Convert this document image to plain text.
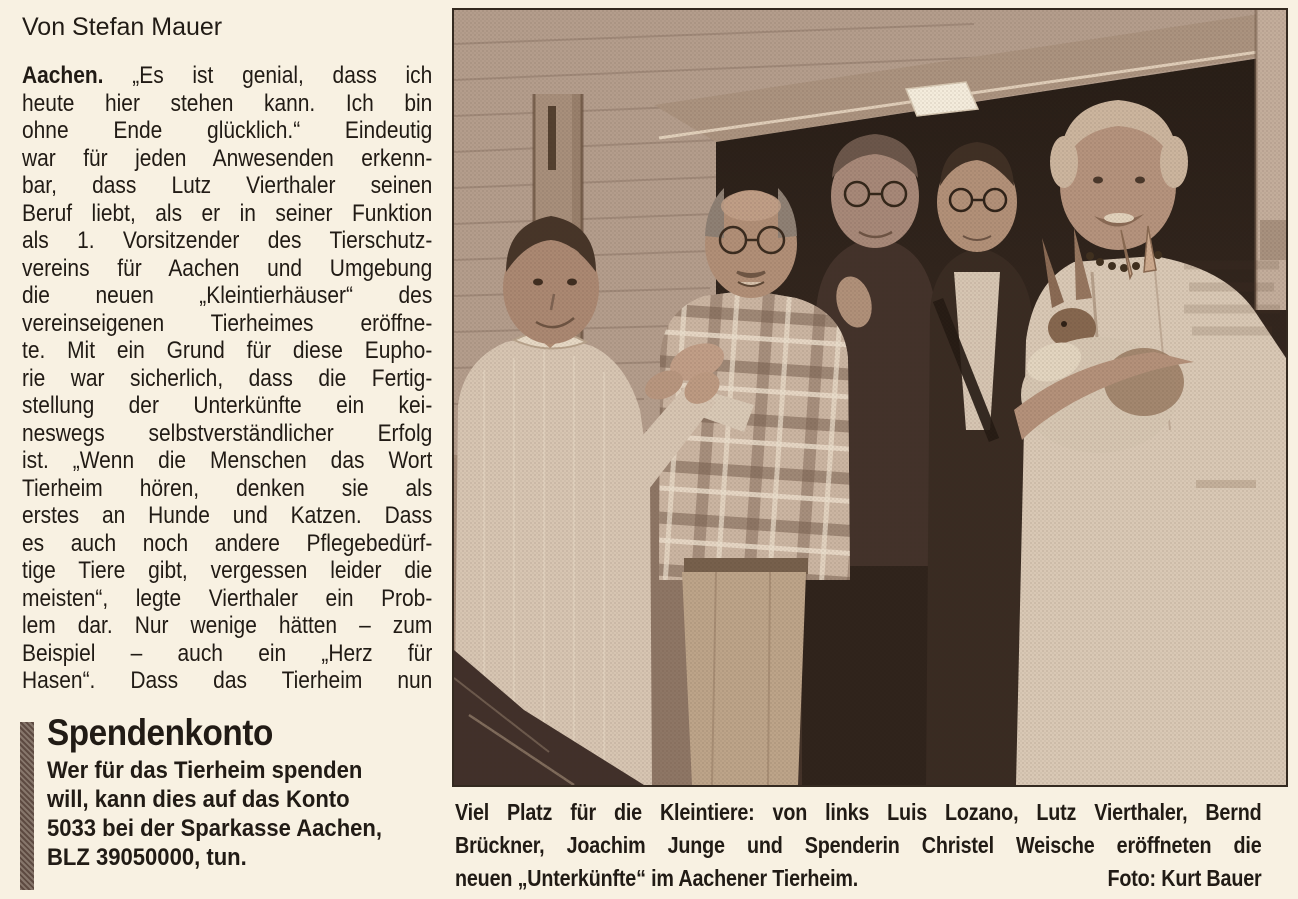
Von Stefan Mauer
Aachen. „Es ist genial, dass ich
heute hier stehen kann. Ich bin
ohne Ende glücklich.“ Eindeutig
war für jeden Anwesenden erkenn-
bar, dass Lutz Vierthaler seinen
Beruf liebt, als er in seiner Funktion
als 1. Vorsitzender des Tierschutz-
vereins für Aachen und Umgebung
die neuen „Kleintierhäuser“ des
vereinseigenen Tierheimes eröffne-
te. Mit ein Grund für diese Eupho-
rie war sicherlich, dass die Fertig-
stellung der Unterkünfte ein kei-
neswegs selbstverständlicher Erfolg
ist. „Wenn die Menschen das Wort
Tierheim hören, denken sie als
erstes an Hunde und Katzen. Dass
es auch noch andere Pflegebedürf-
tige Tiere gibt, vergessen leider die
meisten“, legte Vierthaler ein Prob-
lem dar. Nur wenige hätten – zum
Beispiel – auch ein „Herz für
Hasen“. Dass das Tierheim nun
Spendenkonto
Wer für das Tierheim spenden
will, kann dies auf das Konto
5033 bei der Sparkasse Aachen,
BLZ 39050000, tun.
Viel Platz für die Kleintiere: von links Luis Lozano, Lutz Vierthaler, Bernd
Brückner, Joachim Junge und Spenderin Christel Weische eröffneten die
neuen „Unterkünfte“ im Aachener Tierheim.	Foto: Kurt Bauer
